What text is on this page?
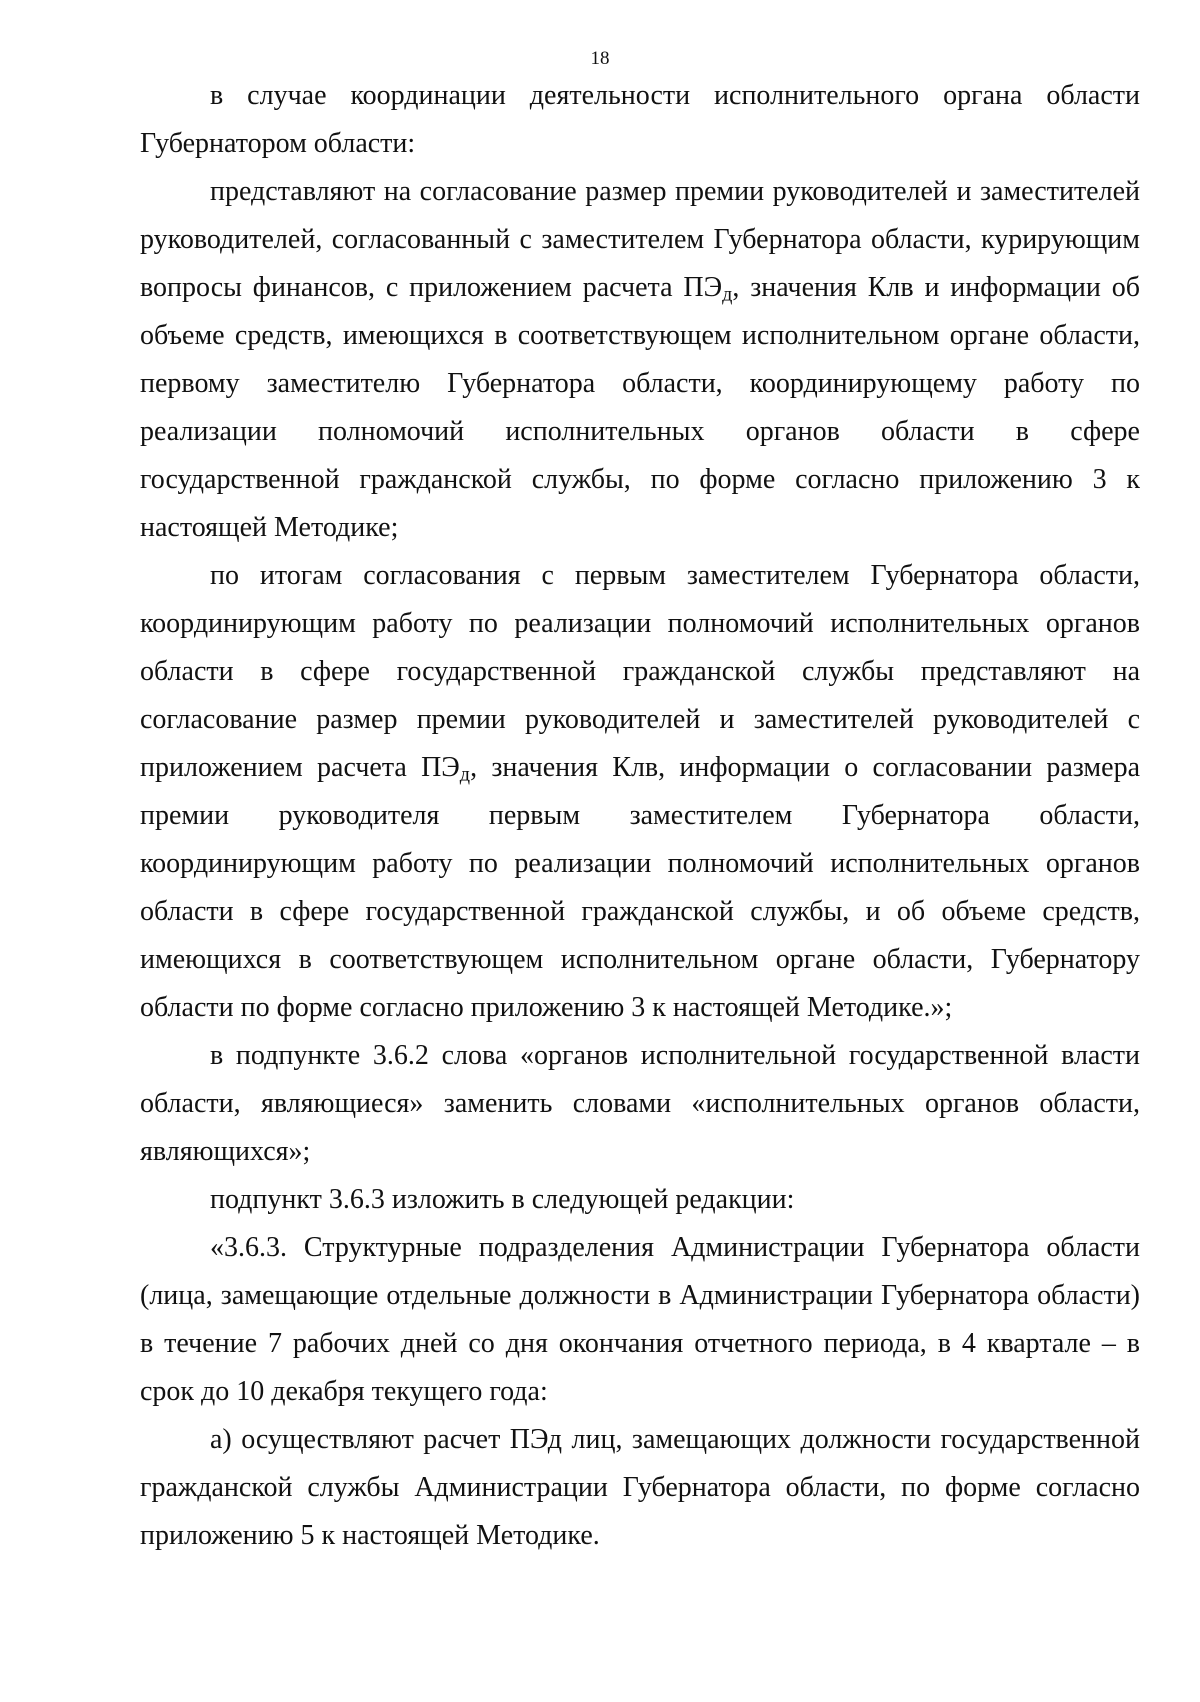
18

в случае координации деятельности исполнительного органа области Губернатором области:

представляют на согласование размер премии руководителей и заместителей руководителей, согласованный с заместителем Губернатора области, курирующим вопросы финансов, с приложением расчета ПЭд, значения Клв и информации об объеме средств, имеющихся в соответствующем исполнительном органе области, первому заместителю Губернатора области, координирующему работу по реализации полномочий исполнительных органов области в сфере государственной гражданской службы, по форме согласно приложению 3 к настоящей Методике;

по итогам согласования с первым заместителем Губернатора области, координирующим работу по реализации полномочий исполнительных органов области в сфере государственной гражданской службы представляют на согласование размер премии руководителей и заместителей руководителей с приложением расчета ПЭд, значения Клв, информации о согласовании размера премии руководителя первым заместителем Губернатора области, координирующим работу по реализации полномочий исполнительных органов области в сфере государственной гражданской службы, и об объеме средств, имеющихся в соответствующем исполнительном органе области, Губернатору области по форме согласно приложению 3 к настоящей Методике.»;

в подпункте 3.6.2 слова «органов исполнительной государственной власти области, являющиеся» заменить словами «исполнительных органов области, являющихся»;

подпункт 3.6.3 изложить в следующей редакции:

«3.6.3. Структурные подразделения Администрации Губернатора области (лица, замещающие отдельные должности в Администрации Губернатора области) в течение 7 рабочих дней со дня окончания отчетного периода, в 4 квартале – в срок до 10 декабря текущего года:

а) осуществляют расчет ПЭд лиц, замещающих должности государственной гражданской службы Администрации Губернатора области, по форме согласно приложению 5 к настоящей Методике.
